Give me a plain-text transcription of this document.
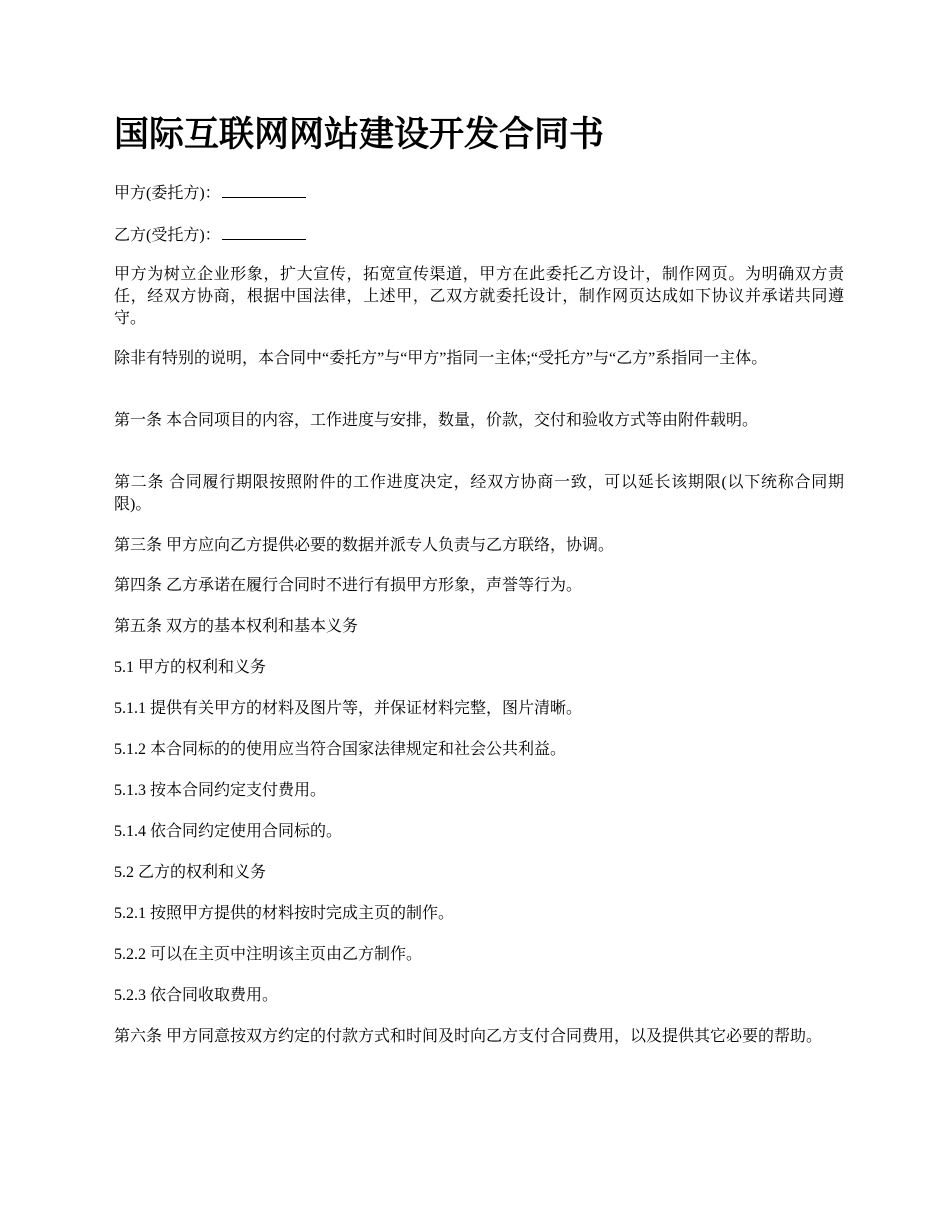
国际互联网网站建设开发合同书

甲方(委托方)：

乙方(受托方)：

甲方为树立企业形象，扩大宣传，拓宽宣传渠道，甲方在此委托乙方设计，制作网页。为明确双方责任，经双方协商，根据中国法律，上述甲，乙双方就委托设计，制作网页达成如下协议并承诺共同遵守。

除非有特别的说明，本合同中“委托方”与“甲方”指同一主体;“受托方”与“乙方”系指同一主体。

第一条 本合同项目的内容，工作进度与安排，数量，价款，交付和验收方式等由附件载明。

第二条 合同履行期限按照附件的工作进度决定，经双方协商一致，可以延长该期限(以下统称合同期限)。

第三条 甲方应向乙方提供必要的数据并派专人负责与乙方联络，协调。

第四条 乙方承诺在履行合同时不进行有损甲方形象，声誉等行为。

第五条 双方的基本权利和基本义务

5.1 甲方的权利和义务

5.1.1 提供有关甲方的材料及图片等，并保证材料完整，图片清晰。

5.1.2 本合同标的的使用应当符合国家法律规定和社会公共利益。

5.1.3 按本合同约定支付费用。

5.1.4 依合同约定使用合同标的。

5.2 乙方的权利和义务

5.2.1 按照甲方提供的材料按时完成主页的制作。

5.2.2 可以在主页中注明该主页由乙方制作。

5.2.3 依合同收取费用。

第六条 甲方同意按双方约定的付款方式和时间及时向乙方支付合同费用，以及提供其它必要的帮助。
